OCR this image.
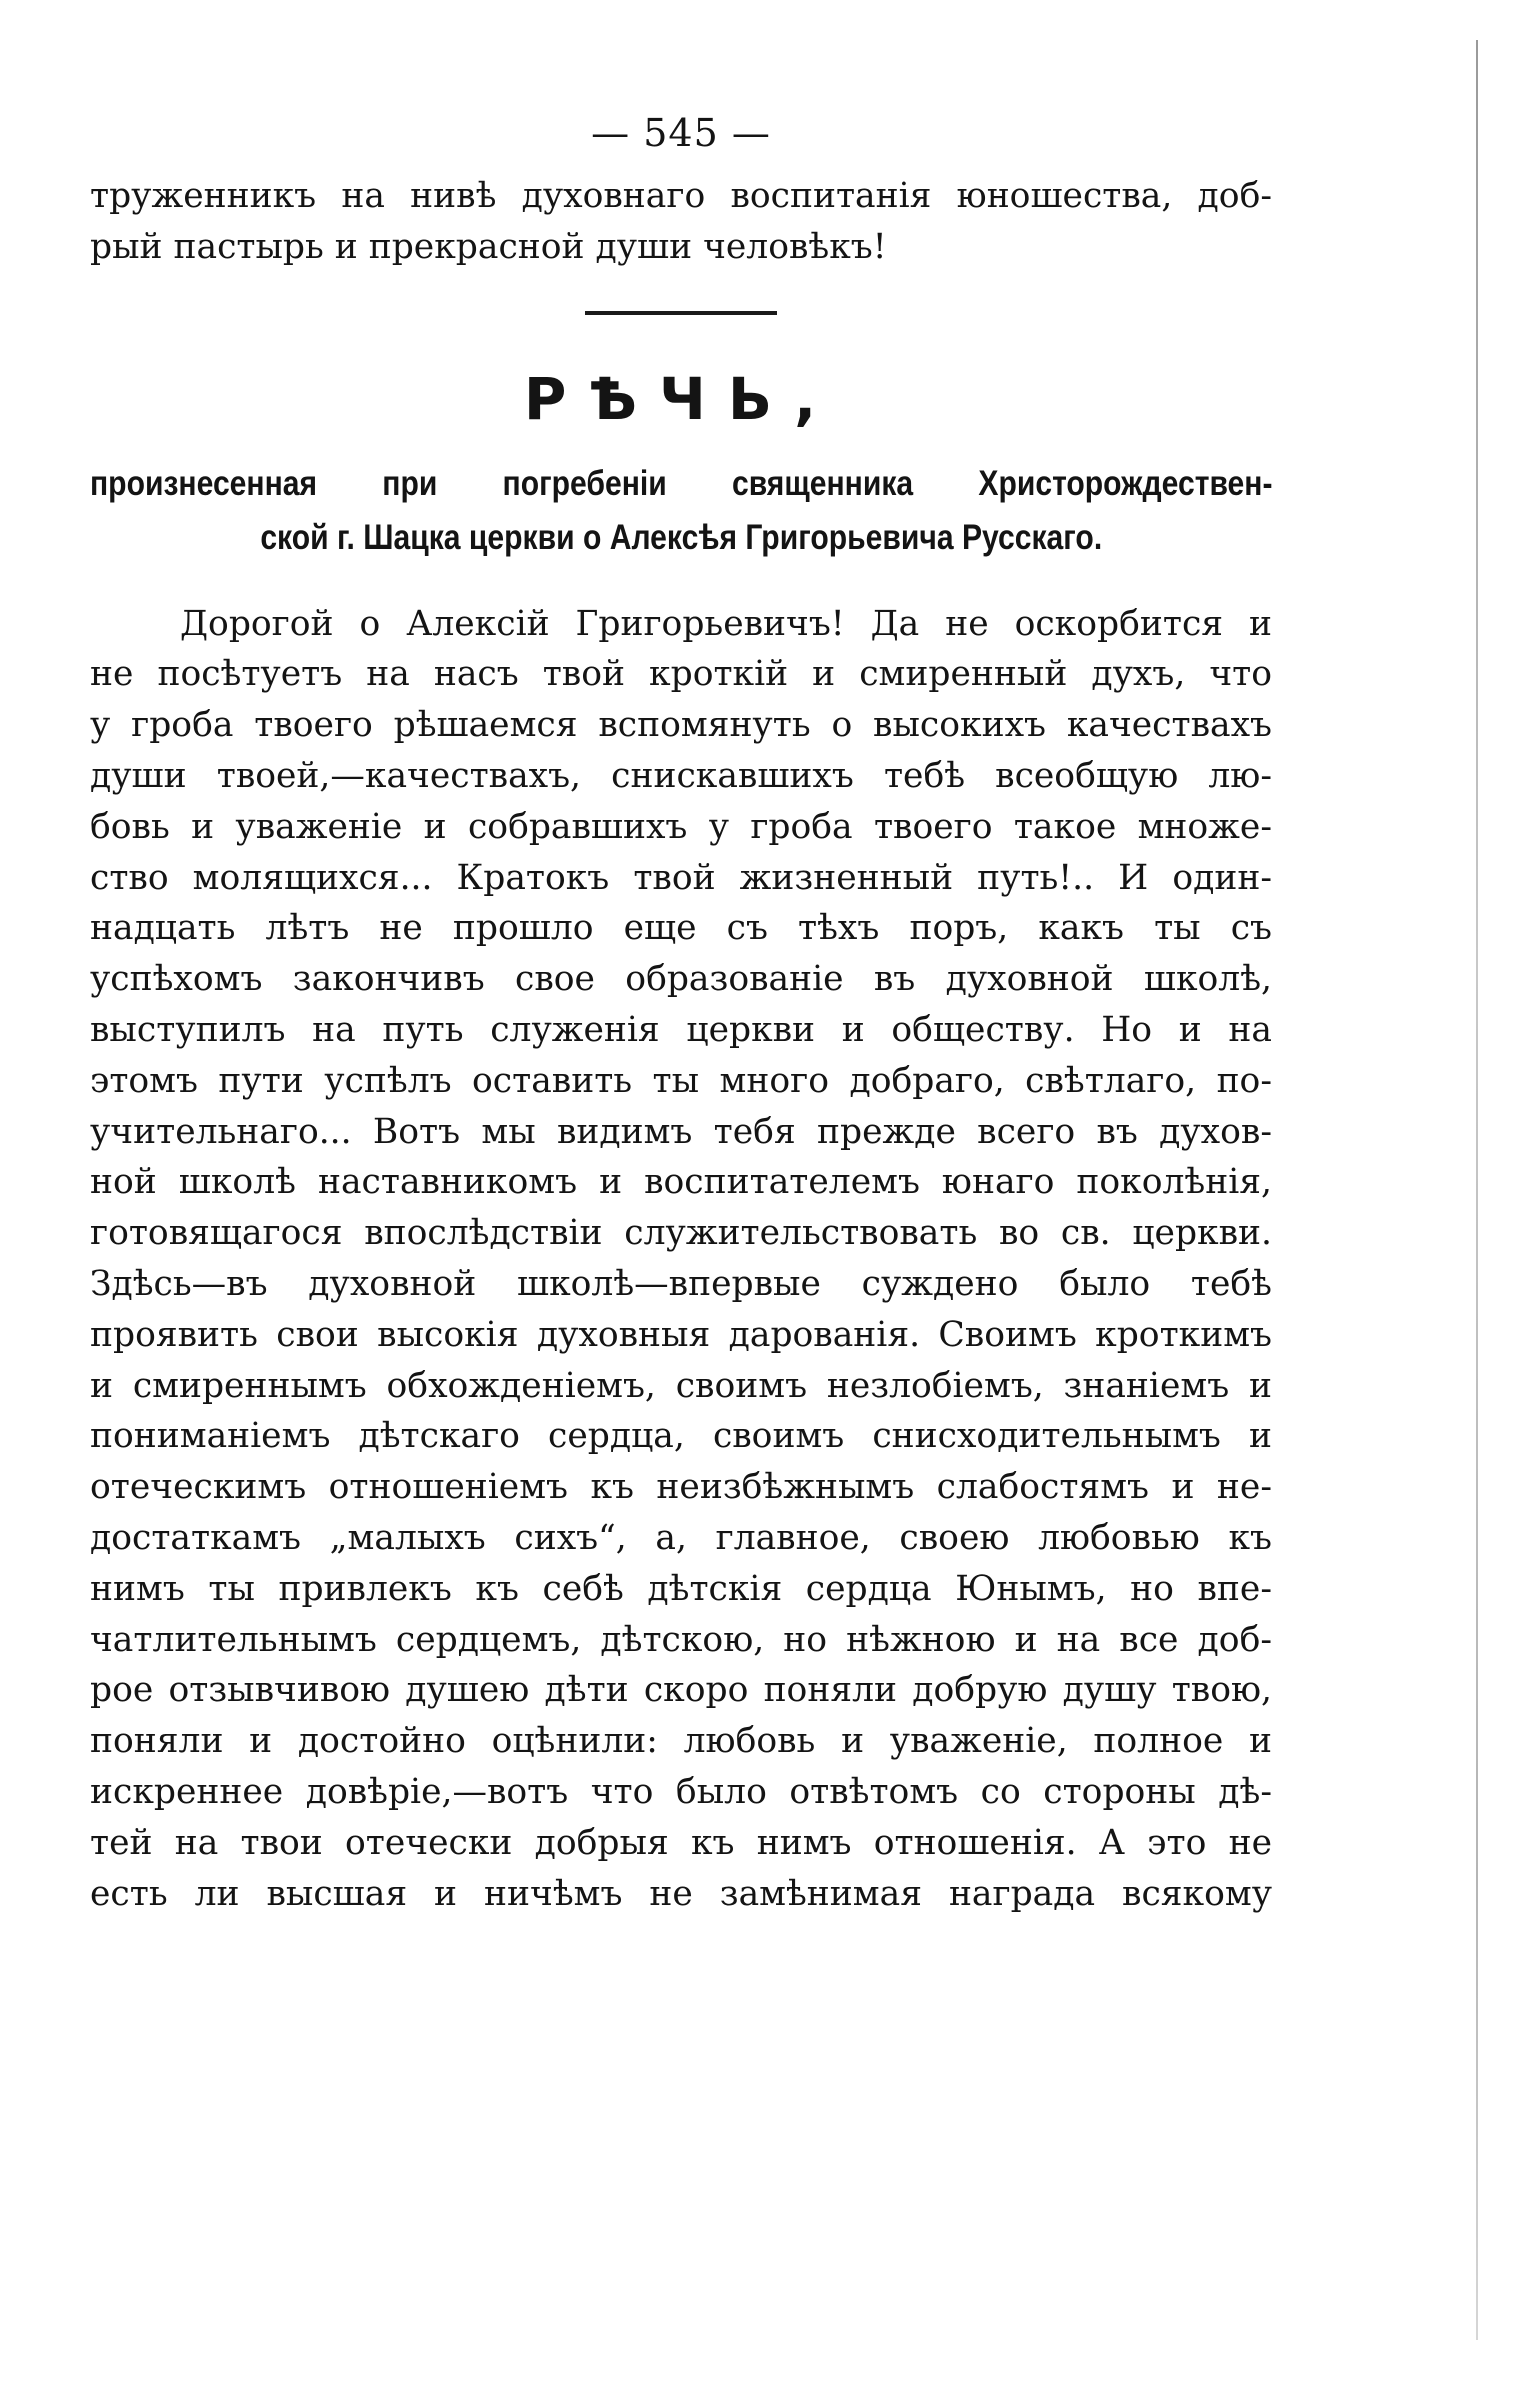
— 545 —
труженникъ на нивѣ духовнаго воспитанія юношества, доб-
рый пастырь и прекрасной души человѣкъ!
РѢЧЬ,
произнесенная при погребеніи священника Христорождествен-
ской г. Шацка церкви о Алексѣя Григорьевича Русскаго.
Дорогой о Алексій Григорьевичъ! Да не оскорбится и
не посѣтуетъ на насъ твой кроткій и смиренный духъ, что
у гроба твоего рѣшаемся вспомянуть о высокихъ качествахъ
души твоей,—качествахъ, снискавшихъ тебѣ всеобщую лю-
бовь и уваженіе и собравшихъ у гроба твоего такое множе-
ство молящихся... Кратокъ твой жизненный путь!.. И один-
надцать лѣтъ не прошло еще съ тѣхъ поръ, какъ ты съ
успѣхомъ закончивъ свое образованіе въ духовной школѣ,
выступилъ на путь служенія церкви и обществу. Но и на
этомъ пути успѣлъ оставить ты много добраго, свѣтлаго, по-
учительнаго... Вотъ мы видимъ тебя прежде всего въ духов-
ной школѣ наставникомъ и воспитателемъ юнаго поколѣнія,
готовящагося впослѣдствіи служительствовать во св. церкви.
Здѣсь—въ духовной школѣ—впервые суждено было тебѣ
проявить свои высокія духовныя дарованія. Своимъ кроткимъ
и смиреннымъ обхожденіемъ, своимъ незлобіемъ, знаніемъ и
пониманіемъ дѣтскаго сердца, своимъ снисходительнымъ и
отеческимъ отношеніемъ къ неизбѣжнымъ слабостямъ и не-
достаткамъ „малыхъ сихъ“, а, главное, своею любовью къ
нимъ ты привлекъ къ себѣ дѣтскія сердца Юнымъ, но впе-
чатлительнымъ сердцемъ, дѣтскою, но нѣжною и на все доб-
рое отзывчивою душею дѣти скоро поняли добрую душу твою,
поняли и достойно оцѣнили: любовь и уваженіе, полное и
искреннее довѣріе,—вотъ что было отвѣтомъ со стороны дѣ-
тей на твои отечески добрыя къ нимъ отношенія. А это не
есть ли высшая и ничѣмъ не замѣнимая награда всякому
